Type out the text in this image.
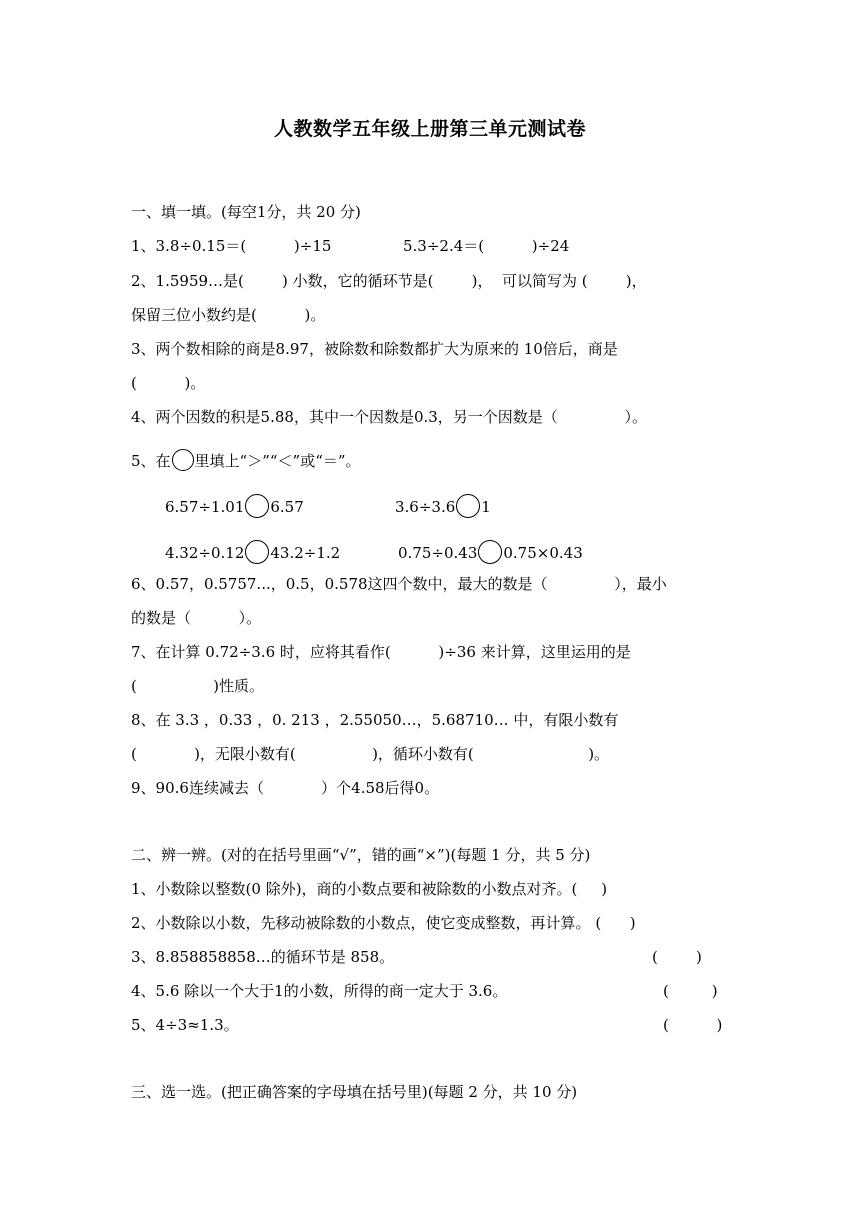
人教数学五年级上册第三单元测试卷
一、填一填。(每空1分，共 20 分)
1、3.8÷0.15＝(          )÷15	5.3÷2.4＝(          )÷24
2、1.5959…是(        ) 小数，它的循环节是(        )，  可以简写为 (        )，
保留三位小数约是(          )。
3、两个数相除的商是8.97，被除数和除数都扩大为原来的 10倍后，商是
(          )。
4、两个因数的积是5.88，其中一个因数是0.3，另一个因数是（              ）。
5、在 里填上“＞”“＜”或“＝”。
6.57÷1.01 6.57	3.6÷3.6 1
4.32÷0.12 43.2÷1.2	0.75÷0.43 0.75×0.43
6、0.57，0.5757...，0.5，0.578这四个数中，最大的数是（              ），最小
的数是（          ）。
7、在计算 0.72÷3.6 时，应将其看作(          )÷36 来计算，这里运用的是
(                )性质。
8、在 3.3 ，0.33 ，0. 213 ，2.55050…，5.68710… 中，有限小数有
(            )，无限小数有(                )，循环小数有(                        )。
9、90.6连续减去（            ）个4.58后得0。
二、辨一辨。(对的在括号里画“√”，错的画“×”)(每题 1 分，共 5 分)
1、小数除以整数(0 除外)，商的小数点要和被除数的小数点对齐。(     )
2、小数除以小数，先移动被除数的小数点，使它变成整数，再计算。 (      )
3、8.858858858…的循环节是 858。	(        )
4、5.6 除以一个大于1的小数，所得的商一定大于 3.6。	(         )
5、4÷3≈1.3。	(          )
三、选一选。(把正确答案的字母填在括号里)(每题 2 分，共 10 分)
